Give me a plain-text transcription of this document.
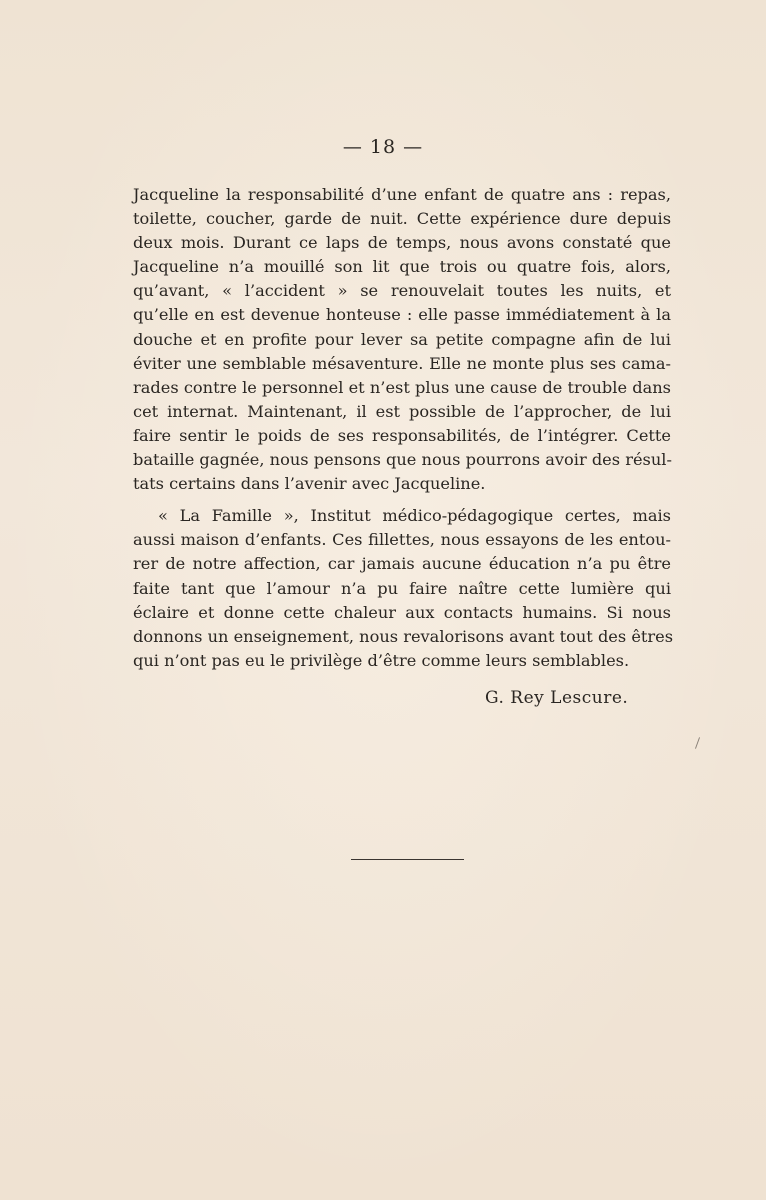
— 18 —
Jacqueline la responsabilité d’une enfant de quatre ans : repas,
toilette, coucher, garde de nuit. Cette expérience dure depuis
deux mois. Durant ce laps de temps, nous avons constaté que
Jacqueline n’a mouillé son lit que trois ou quatre fois, alors,
qu’avant, « l’accident » se renouvelait toutes les nuits, et
qu’elle en est devenue honteuse : elle passe immédiatement à la
douche et en profite pour lever sa petite compagne afin de lui
éviter une semblable mésaventure. Elle ne monte plus ses cama-
rades contre le personnel et n’est plus une cause de trouble dans
cet internat. Maintenant, il est possible de l’approcher, de lui
faire sentir le poids de ses responsabilités, de l’intégrer. Cette
bataille gagnée, nous pensons que nous pourrons avoir des résul-
tats certains dans l’avenir avec Jacqueline.
« La Famille », Institut médico-pédagogique certes, mais
aussi maison d’enfants. Ces fillettes, nous essayons de les entou-
rer de notre affection, car jamais aucune éducation n’a pu être
faite tant que l’amour n’a pu faire naître cette lumière qui
éclaire et donne cette chaleur aux contacts humains. Si nous
donnons un enseignement, nous revalorisons avant tout des êtres
qui n’ont pas eu le privilège d’être comme leurs semblables.
G. Rey Lescure.
